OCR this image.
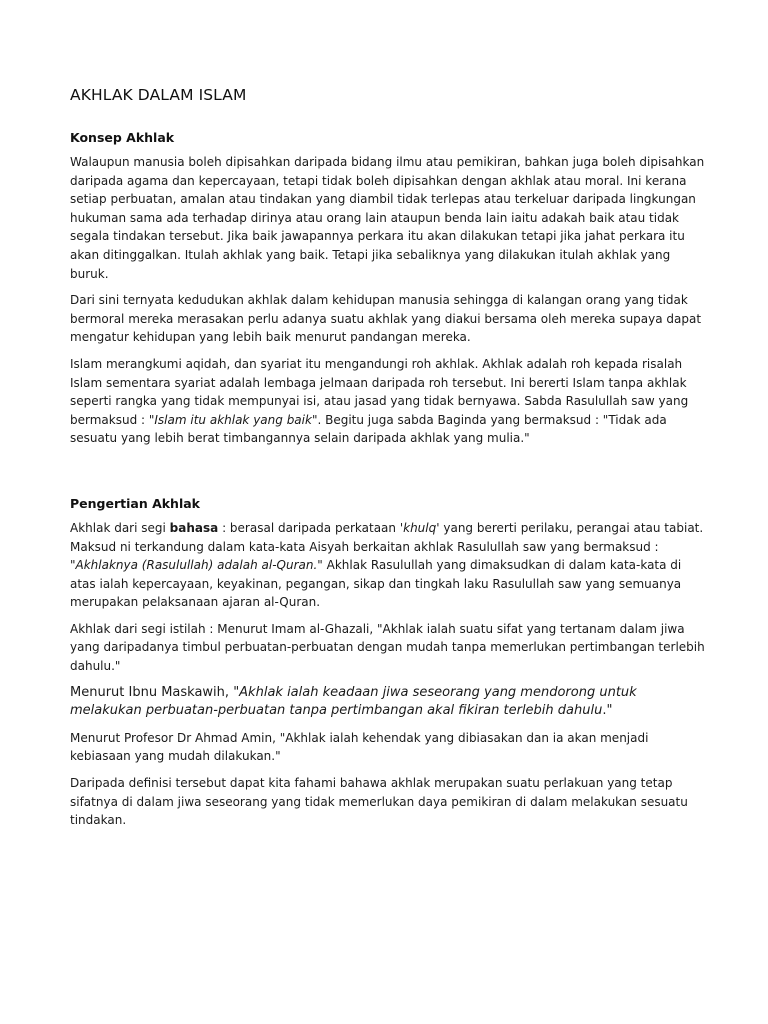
AKHLAK DALAM ISLAM
Konsep Akhlak

Walaupun manusia boleh dipisahkan daripada bidang ilmu atau pemikiran, bahkan juga boleh dipisahkan daripada agama dan kepercayaan, tetapi tidak boleh dipisahkan dengan akhlak atau moral. Ini kerana setiap perbuatan, amalan atau tindakan yang diambil tidak terlepas atau terkeluar daripada lingkungan hukuman sama ada terhadap dirinya atau orang lain ataupun benda lain iaitu adakah baik atau tidak segala tindakan tersebut. Jika baik jawapannya perkara itu akan dilakukan tetapi jika jahat perkara itu akan ditinggalkan. Itulah akhlak yang baik. Tetapi jika sebaliknya yang dilakukan itulah akhlak yang buruk.

Dari sini ternyata kedudukan akhlak dalam kehidupan manusia sehingga di kalangan orang yang tidak bermoral mereka merasakan perlu adanya suatu akhlak yang diakui bersama oleh mereka supaya dapat mengatur kehidupan yang lebih baik menurut pandangan mereka.

Islam merangkumi aqidah, dan syariat itu mengandungi roh akhlak. Akhlak adalah roh kepada risalah Islam sementara syariat adalah lembaga jelmaan daripada roh tersebut. Ini bererti Islam tanpa akhlak seperti rangka yang tidak mempunyai isi, atau jasad yang tidak bernyawa. Sabda Rasulullah saw yang bermaksud : "Islam itu akhlak yang baik". Begitu juga sabda Baginda yang bermaksud : "Tidak ada sesuatu yang lebih berat timbangannya selain daripada akhlak yang mulia."

Pengertian Akhlak

Akhlak dari segi bahasa : berasal daripada perkataan 'khulq' yang bererti perilaku, perangai atau tabiat. Maksud ni terkandung dalam kata-kata Aisyah berkaitan akhlak Rasulullah saw yang bermaksud : "Akhlaknya (Rasulullah) adalah al-Quran." Akhlak Rasulullah yang dimaksudkan di dalam kata-kata di atas ialah kepercayaan, keyakinan, pegangan, sikap dan tingkah laku Rasulullah saw yang semuanya merupakan pelaksanaan ajaran al-Quran.

Akhlak dari segi istilah : Menurut Imam al-Ghazali, "Akhlak ialah suatu sifat yang tertanam dalam jiwa yang daripadanya timbul perbuatan-perbuatan dengan mudah tanpa memerlukan pertimbangan terlebih dahulu."

Menurut Ibnu Maskawih, "Akhlak ialah keadaan jiwa seseorang yang mendorong untuk melakukan perbuatan-perbuatan tanpa pertimbangan akal fikiran terlebih dahulu."

Menurut Profesor Dr Ahmad Amin, "Akhlak ialah kehendak yang dibiasakan dan ia akan menjadi kebiasaan yang mudah dilakukan."

Daripada definisi tersebut dapat kita fahami bahawa akhlak merupakan suatu perlakuan yang tetap sifatnya di dalam jiwa seseorang yang tidak memerlukan daya pemikiran di dalam melakukan sesuatu tindakan.
